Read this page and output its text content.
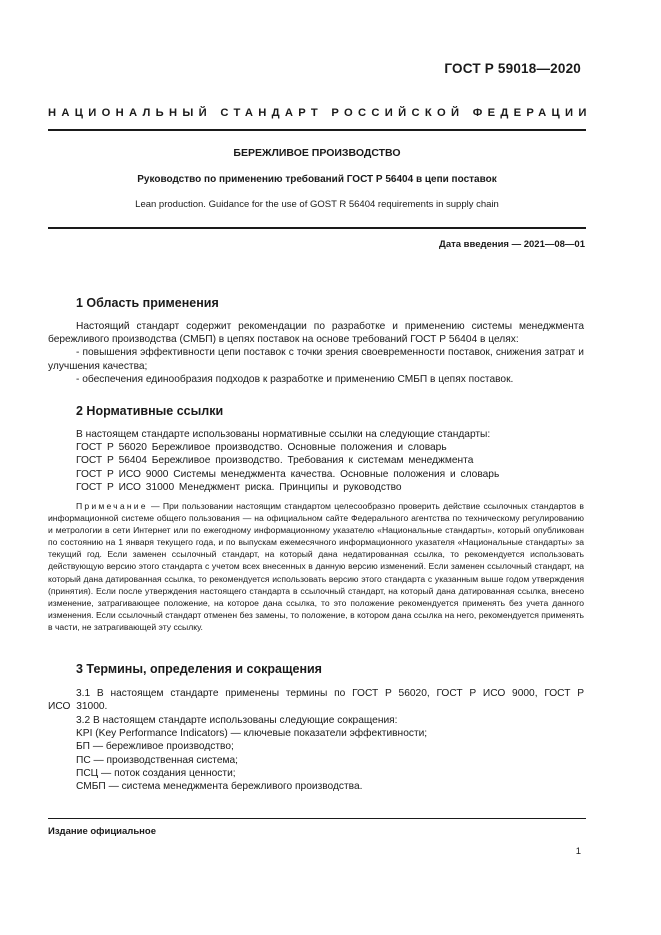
ГОСТ Р 59018—2020
НАЦИОНАЛЬНЫЙ СТАНДАРТ РОССИЙСКОЙ ФЕДЕРАЦИИ
БЕРЕЖЛИВОЕ ПРОИЗВОДСТВО
Руководство по применению требований ГОСТ Р 56404 в цепи поставок
Lean production. Guidance for the use of GOST R 56404 requirements in supply chain
Дата введения — 2021—08—01
1 Область применения

Настоящий стандарт содержит рекомендации по разработке и применению системы менеджмента бережливого производства (СМБП) в цепях поставок на основе требований ГОСТ Р 56404 в целях:

- повышения эффективности цепи поставок с точки зрения своевременности поставок, снижения затрат и улучшения качества;

- обеспечения единообразия подходов к разработке и применению СМБП в цепях поставок.

2 Нормативные ссылки
В настоящем стандарте использованы нормативные ссылки на следующие стандарты:
ГОСТ Р 56020 Бережливое производство. Основные положения и словарь
ГОСТ Р 56404 Бережливое производство. Требования к системам менеджмента
ГОСТ Р ИСО 9000 Системы менеджмента качества. Основные положения и словарь
ГОСТ Р ИСО 31000 Менеджмент риска. Принципы и руководство
Примечание — При пользовании настоящим стандартом целесообразно проверить действие ссылочных стандартов в информационной системе общего пользования — на официальном сайте Федерального агентства по техническому регулированию и метрологии в сети Интернет или по ежегодному информационному указателю «Национальные стандарты», который опубликован по состоянию на 1 января текущего года, и по выпускам ежемесячного информационного указателя «Национальные стандарты» за текущий год. Если заменен ссылочный стандарт, на который дана недатированная ссылка, то рекомендуется использовать действующую версию этого стандарта с учетом всех внесенных в данную версию изменений. Если заменен ссылочный стандарт, на который дана датированная ссылка, то рекомендуется использовать версию этого стандарта с указанным выше годом утверждения (принятия). Если после утверждения настоящего стандарта в ссылочный стандарт, на который дана датированная ссылка, внесено изменение, затрагивающее положение, на которое дана ссылка, то это положение рекомендуется применять без учета данного изменения. Если ссылочный стандарт отменен без замены, то положение, в котором дана ссылка на него, рекомендуется применять в части, не затрагивающей эту ссылку.
3 Термины, определения и сокращения

3.1 В настоящем стандарте применены термины по ГОСТ Р 56020, ГОСТ Р ИСО 9000, ГОСТ Р ИСО 31000.

3.2 В настоящем стандарте использованы следующие сокращения:
KPI (Key Performance Indicators) — ключевые показатели эффективности;
БП — бережливое производство;
ПС — производственная система;
ПСЦ — поток создания ценности;
СМБП — система менеджмента бережливого производства.
Издание официальное
1
